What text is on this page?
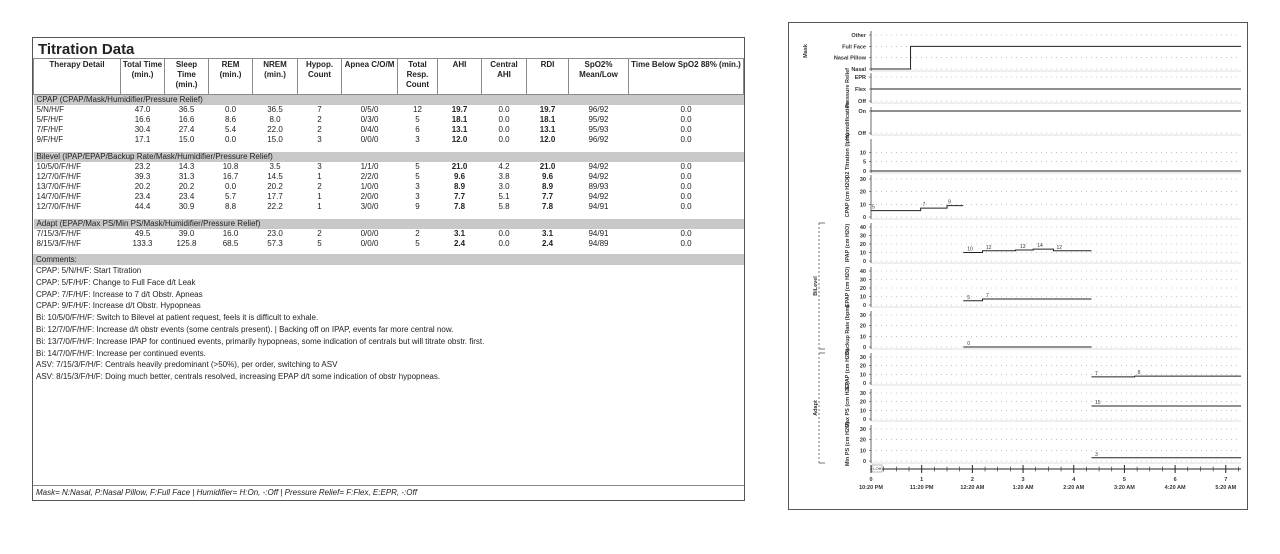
Titration Data
Therapy Detail	Total Time (min.)	Sleep Time (min.)	REM (min.)	NREM (min.)	Hypop. Count	Apnea C/O/M	Total Resp. Count	AHI	Central AHI	RDI	SpO2% Mean/Low	Time Below SpO2 88% (min.)
CPAP (CPAP/Mask/Humidifier/Pressure Relief)												
5/N/H/F	47.0	36.5	0.0	36.5	7	0/5/0	12	19.7	0.0	19.7	96/92	0.0
5/F/H/F	16.6	16.6	8.6	8.0	2	0/3/0	5	18.1	0.0	18.1	95/92	0.0
7/F/H/F	30.4	27.4	5.4	22.0	2	0/4/0	6	13.1	0.0	13.1	95/93	0.0
9/F/H/F	17.1	15.0	0.0	15.0	3	0/0/0	3	12.0	0.0	12.0	96/92	0.0

Bilevel (IPAP/EPAP/Backup Rate/Mask/Humidifier/Pressure Relief)												
10/5/0/F/H/F	23.2	14.3	10.8	3.5	3	1/1/0	5	21.0	4.2	21.0	94/92	0.0
12/7/0/F/H/F	39.3	31.3	16.7	14.5	1	2/2/0	5	9.6	3.8	9.6	94/92	0.0
13/7/0/F/H/F	20.2	20.2	0.0	20.2	2	1/0/0	3	8.9	3.0	8.9	89/93	0.0
14/7/0/F/H/F	23.4	23.4	5.7	17.7	1	2/0/0	3	7.7	5.1	7.7	94/92	0.0
12/7/0/F/H/F	44.4	30.9	8.8	22.2	1	3/0/0	9	7.8	5.8	7.8	94/91	0.0

Adapt (EPAP/Max PS/Min PS/Mask/Humidifier/Pressure Relief)												
7/15/3/F/H/F	49.5	39.0	16.0	23.0	2	0/0/0	2	3.1	0.0	3.1	94/91	0.0
8/15/3/F/H/F	133.3	125.8	68.5	57.3	5	0/0/0	5	2.4	0.0	2.4	94/89	0.0
Comments:
CPAP: 5/N/H/F: Start Titration
CPAP: 5/F/H/F: Change to Full Face d/t Leak
CPAP: 7/F/H/F: Increase to 7 d/t Obstr. Apneas
CPAP: 9/F/H/F: Increase d/t Obstr. Hypopneas
Bi: 10/5/0/F/H/F: Switch to Bilevel at patient request, feels it is difficult to exhale.
Bi: 12/7/0/F/H/F: Increase d/t obstr events (some centrals present). | Backing off on IPAP, events far more central now.
Bi: 13/7/0/F/H/F: Increase IPAP for continued events, primarily hypopneas, some indication of centrals but will titrate obstr. first.
Bi: 14/7/0/F/H/F: Increase per continued events.
ASV: 7/15/3/F/H/F: Centrals heavily predominant (>50%), per order, switching to ASV
ASV: 8/15/3/F/H/F: Doing much better, centrals resolved, increasing EPAP d/t some indication of obstr hypopneas.
Mask= N:Nasal, P:Nasal Pillow, F:Full Face | Humidifier= H:On, -:Off | Pressure Relief= F:Flex, E:EPR, -:Off
Mask
Other
Full Face
Nasal Pillow
Nasal
Pressure Relief EPR
Flex
Off
Humidification On
Off
O2 Titration (lpm) 0
5
10
CPAP (cm H2O)
0
10
20
30
5	7	9
IPAP (cm H2O) 0
10
20
30
40
10	12	13 14	12
EPAP (cm H2O) 0
10
20
30
40
5	7
Backup Rate (bpm) 0
10
20
30
0
EPAP (cm H2O) 0
10
20
30
7	8
Max PS (cm H2O) 0
10
20
30
15
Min PS (cm H2O) 0
10
20
30
3
BiLevel
Adapt
0
10:20 PM
1
11:20 PM
2
12:20 AM
3
1:20 AM
4
2:20 AM
5
3:20 AM
6
4:20 AM
7
5:20 AM
LOff
